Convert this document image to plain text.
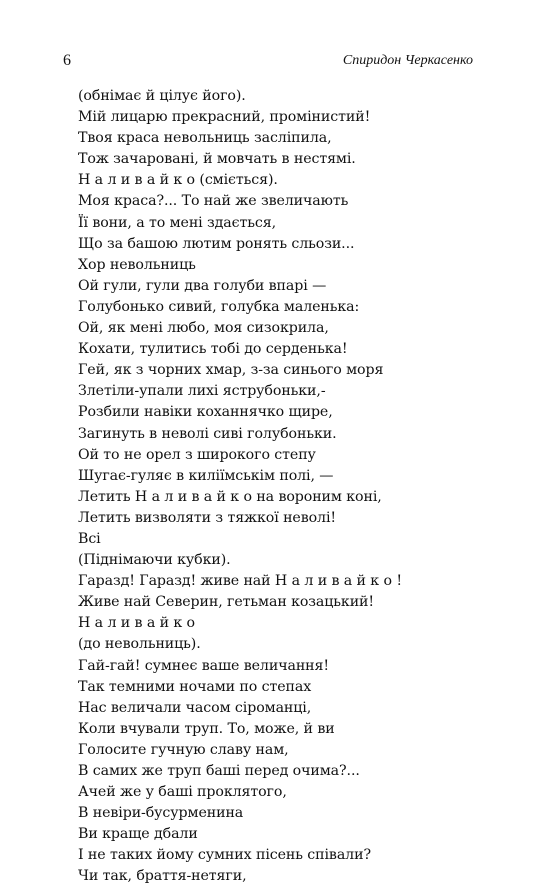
6	Спиридон Черкасенко
(обнімає й цілує його).
Мій лицарю прекрасний, промінистий!
Твоя краса невольниць засліпила,
Тож зачаровані, й мовчать в нестямі.
Н а л и в а й к о (сміється).
Моя краса?... То най же звеличають
Її вони, а то мені здається,
Що за башою лютим ронять сльози...
Хор невольниць
Ой гули, гули два голуби впарі —
Голубонько сивий, голубка маленька:
Ой, як мені любо, моя сизокрила,
Кохати, тулитись тобі до серденька!
Гей, як з чорних хмар, з-за синього моря
Злетіли-упали лихі яструбоньки,-
Розбили навіки коханнячко щире,
Загинуть в неволі сиві голубоньки.
Ой то не орел з широкого степу
Шугає-гуляє в киліїмськім полі, —
Летить Н а л и в а й к о на вороним коні,
Летить визволяти з тяжкої неволі!
Всі
(Піднімаючи кубки).
Гаразд! Гаразд! живе най Н а л и в а й к о !
Живе най Северин, гетьман козацький!
Н а л и в а й к о
(до невольниць).
Гай-гай! сумнеє ваше величання!
Так темними ночами по степах
Нас величали часом сіроманці,
Коли вчували труп. То, може, й ви
Голосите гучную славу нам,
В самих же труп баші перед очима?...
Ачей же у баші проклятого,
В невіри-бусурменина
Ви краще дбали
І не таких йому сумних пісень співали?
Чи так, браття-нетяги,
